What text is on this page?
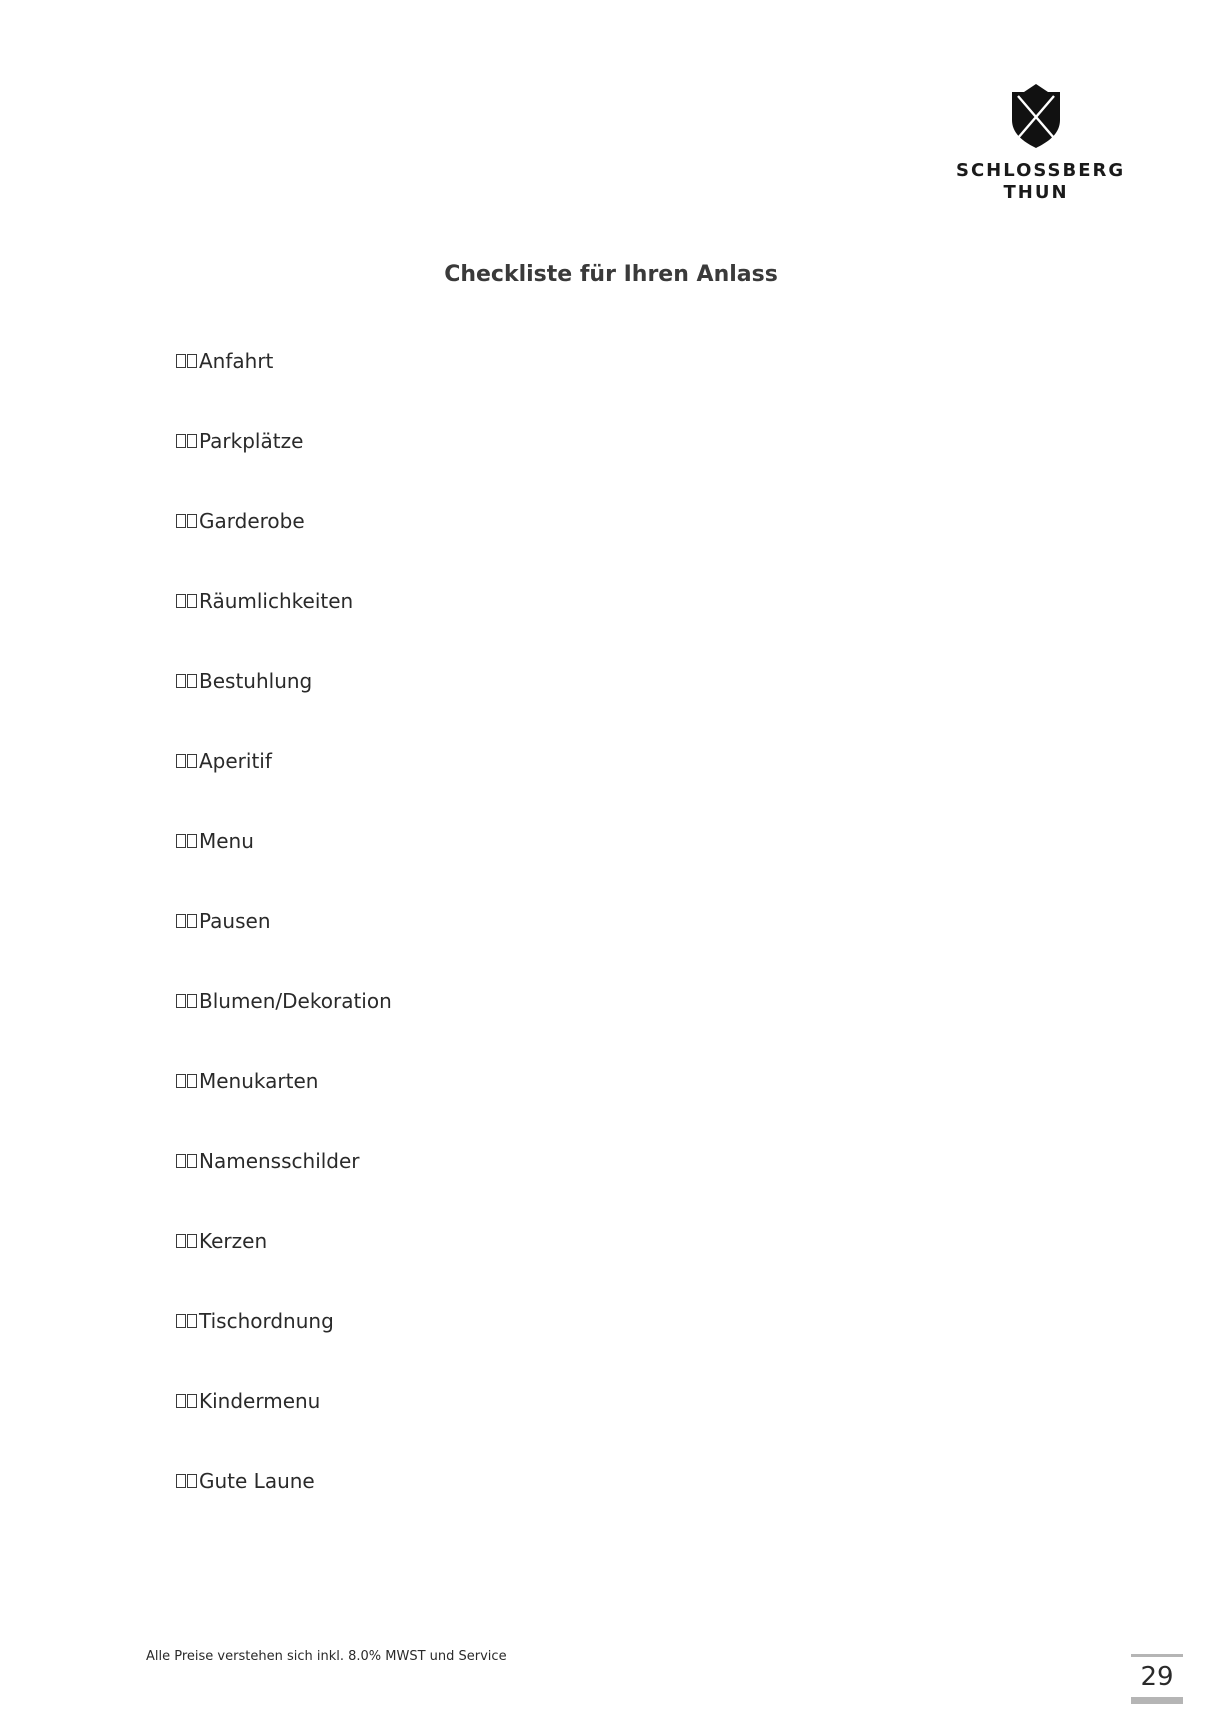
SCHLOSSBERG
THUN
Checkliste für Ihren Anlass
Anfahrt
Parkplätze
Garderobe
Räumlichkeiten
Bestuhlung
Aperitif
Menu
Pausen
Blumen/Dekoration
Menukarten
Namensschilder
Kerzen
Tischordnung
Kindermenu
Gute Laune
Alle Preise verstehen sich inkl. 8.0% MWST und Service
29
